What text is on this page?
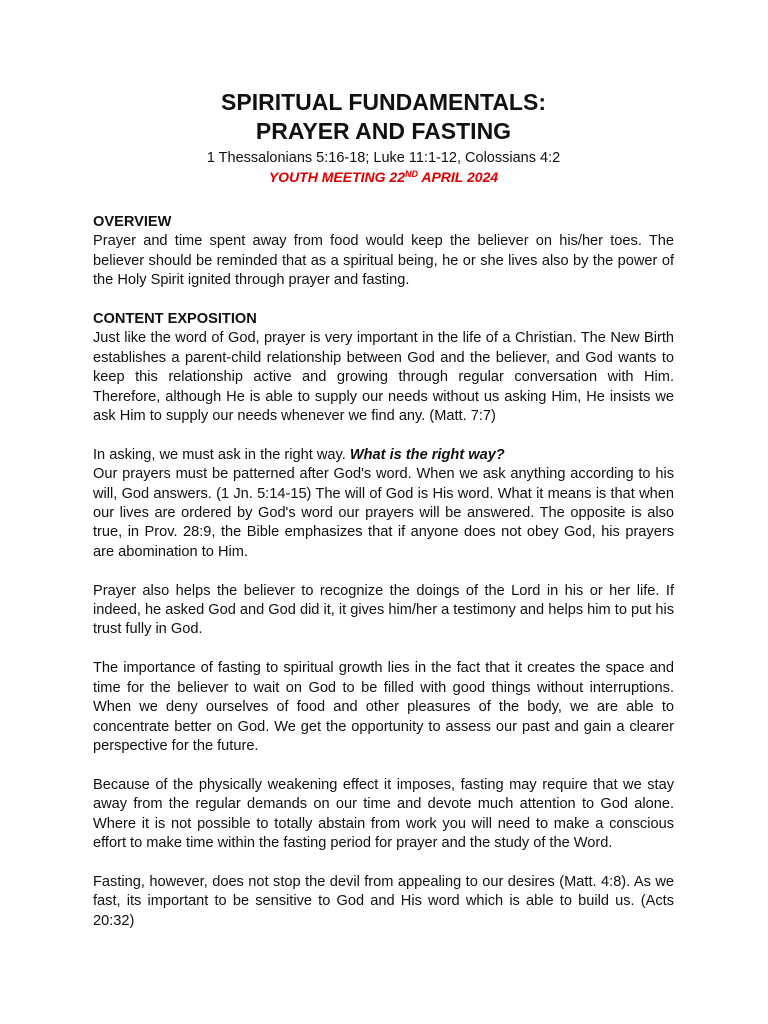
SPIRITUAL FUNDAMENTALS:
PRAYER AND FASTING
1 Thessalonians 5:16-18; Luke 11:1-12, Colossians 4:2
YOUTH MEETING 22ND APRIL 2024
OVERVIEW

Prayer and time spent away from food would keep the believer on his/her toes. The believer should be reminded that as a spiritual being, he or she lives also by the power of the Holy Spirit ignited through prayer and fasting.

CONTENT EXPOSITION

Just like the word of God, prayer is very important in the life of a Christian. The New Birth establishes a parent-child relationship between God and the believer, and God wants to keep this relationship active and growing through regular conversation with Him. Therefore, although He is able to supply our needs without us asking Him, He insists we ask Him to supply our needs whenever we find any. (Matt. 7:7)

In asking, we must ask in the right way. What is the right way?

Our prayers must be patterned after God's word. When we ask anything according to his will, God answers. (1 Jn. 5:14-15) The will of God is His word. What it means is that when our lives are ordered by God's word our prayers will be answered. The opposite is also true, in Prov. 28:9, the Bible emphasizes that if anyone does not obey God, his prayers are abomination to Him.

Prayer also helps the believer to recognize the doings of the Lord in his or her life. If indeed, he asked God and God did it, it gives him/her a testimony and helps him to put his trust fully in God.

The importance of fasting to spiritual growth lies in the fact that it creates the space and time for the believer to wait on God to be filled with good things without interruptions. When we deny ourselves of food and other pleasures of the body, we are able to concentrate better on God. We get the opportunity to assess our past and gain a clearer perspective for the future.

Because of the physically weakening effect it imposes, fasting may require that we stay away from the regular demands on our time and devote much attention to God alone. Where it is not possible to totally abstain from work you will need to make a conscious effort to make time within the fasting period for prayer and the study of the Word.

Fasting, however, does not stop the devil from appealing to our desires (Matt. 4:8). As we fast, its important to be sensitive to God and His word which is able to build us. (Acts 20:32)
